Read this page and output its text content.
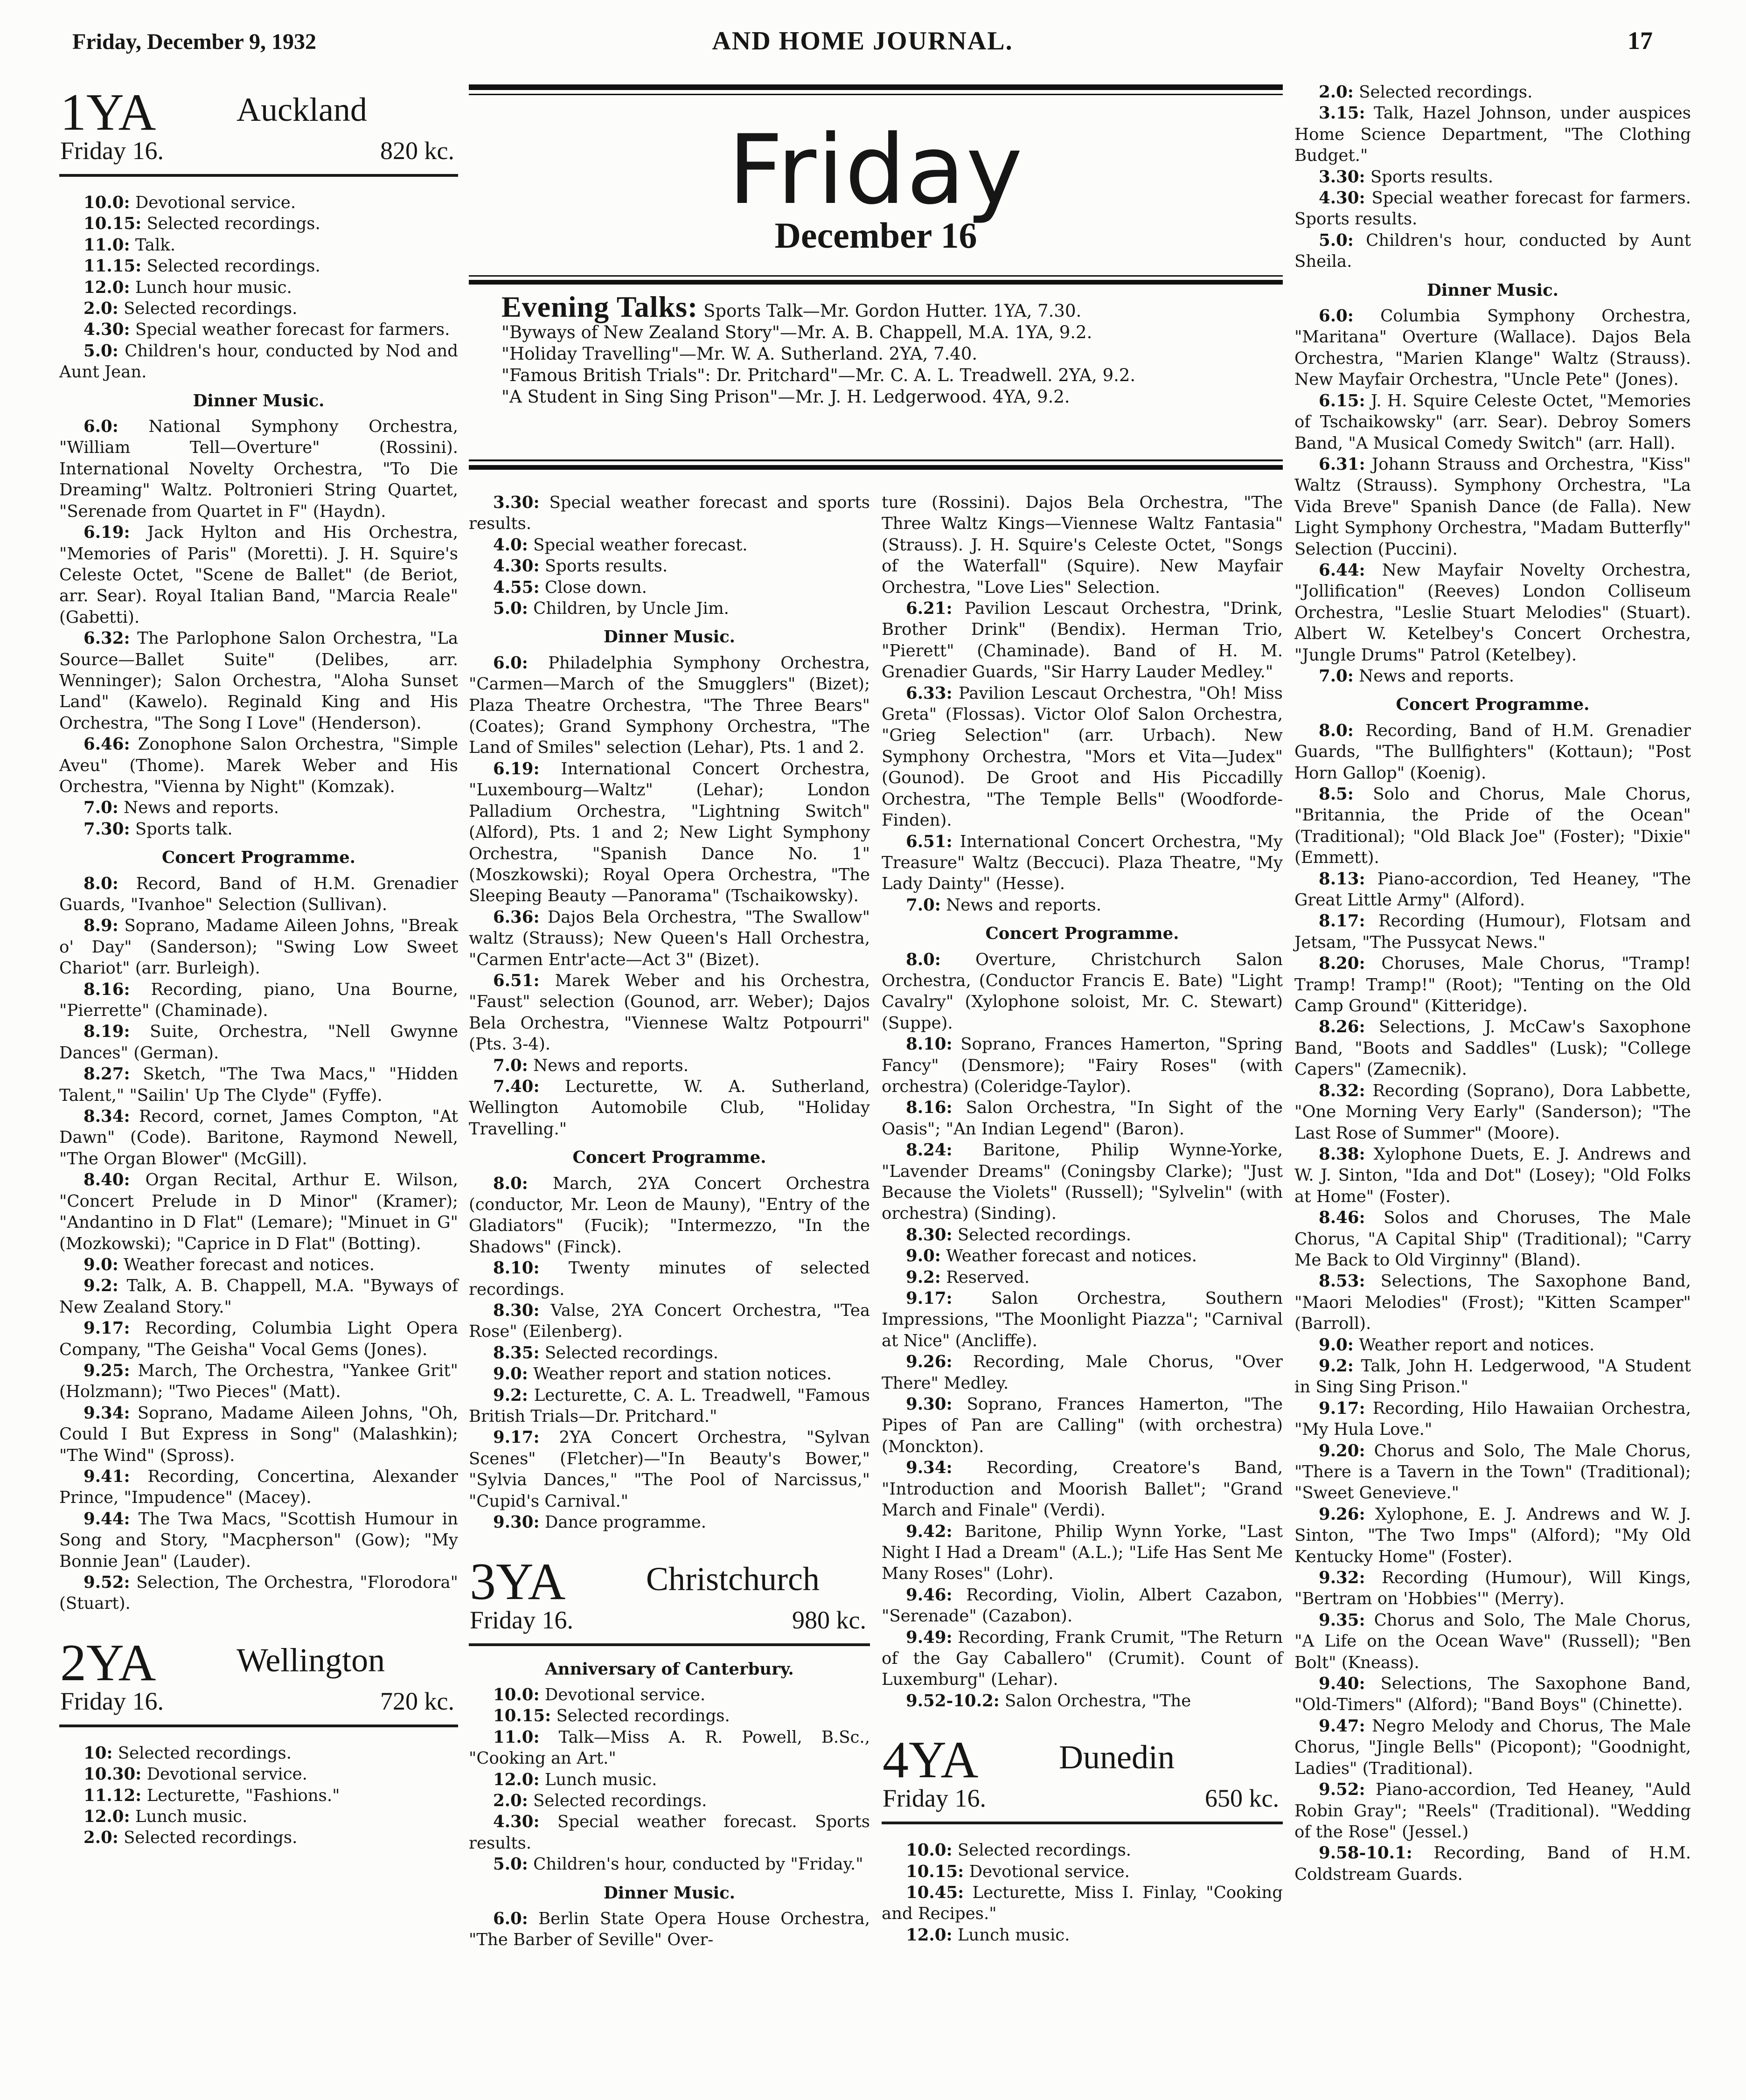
Friday, December 9, 1932	AND HOME JOURNAL.	17
1YA Auckland
Friday 16.	820 kc.

10.0: Devotional service.

10.15: Selected recordings.

11.0: Talk.

11.15: Selected recordings.

12.0: Lunch hour music.

2.0: Selected recordings.

4.30: Special weather forecast for farmers.

5.0: Children's hour, conducted by Nod and Aunt Jean.

Dinner Music.

6.0: National Symphony Orchestra, "William Tell—Overture" (Rossini). International Novelty Orchestra, "To Die Dreaming" Waltz. Poltronieri String Quartet, "Serenade from Quartet in F" (Haydn).

6.19: Jack Hylton and His Orchestra, "Memories of Paris" (Moretti). J. H. Squire's Celeste Octet, "Scene de Ballet" (de Beriot, arr. Sear). Royal Italian Band, "Marcia Reale" (Gabetti).

6.32: The Parlophone Salon Orchestra, "La Source—Ballet Suite" (Delibes, arr. Wenninger); Salon Orchestra, "Aloha Sunset Land" (Kawelo). Reginald King and His Orchestra, "The Song I Love" (Henderson).

6.46: Zonophone Salon Orchestra, "Simple Aveu" (Thome). Marek Weber and His Orchestra, "Vienna by Night" (Komzak).

7.0: News and reports.

7.30: Sports talk.

Concert Programme.

8.0: Record, Band of H.M. Grenadier Guards, "Ivanhoe" Selection (Sullivan).

8.9: Soprano, Madame Aileen Johns, "Break o' Day" (Sanderson); "Swing Low Sweet Chariot" (arr. Burleigh).

8.16: Recording, piano, Una Bourne, "Pierrette" (Chaminade).

8.19: Suite, Orchestra, "Nell Gwynne Dances" (German).

8.27: Sketch, "The Twa Macs," "Hidden Talent," "Sailin' Up The Clyde" (Fyffe).

8.34: Record, cornet, James Compton, "At Dawn" (Code). Baritone, Raymond Newell, "The Organ Blower" (McGill).

8.40: Organ Recital, Arthur E. Wilson, "Concert Prelude in D Minor" (Kramer); "Andantino in D Flat" (Lemare); "Minuet in G" (Mozkowski); "Caprice in D Flat" (Botting).

9.0: Weather forecast and notices.

9.2: Talk, A. B. Chappell, M.A. "Byways of New Zealand Story."

9.17: Recording, Columbia Light Opera Company, "The Geisha" Vocal Gems (Jones).

9.25: March, The Orchestra, "Yankee Grit" (Holzmann); "Two Pieces" (Matt).

9.34: Soprano, Madame Aileen Johns, "Oh, Could I But Express in Song" (Malashkin); "The Wind" (Spross).

9.41: Recording, Concertina, Alexander Prince, "Impudence" (Macey).

9.44: The Twa Macs, "Scottish Humour in Song and Story, "Macpherson" (Gow); "My Bonnie Jean" (Lauder).

9.52: Selection, The Orchestra, "Florodora" (Stuart).

2YA Wellington
Friday 16.	720 kc.

10: Selected recordings.

10.30: Devotional service.

11.12: Lecturette, "Fashions."

12.0: Lunch music.

2.0: Selected recordings.

Friday
December 16
Evening Talks: Sports Talk—Mr. Gordon Hutter. 1YA, 7.30.
"Byways of New Zealand Story"—Mr. A. B. Chappell, M.A. 1YA, 9.2.
"Holiday Travelling"—Mr. W. A. Sutherland. 2YA, 7.40.
"Famous British Trials": Dr. Pritchard"—Mr. C. A. L. Treadwell. 2YA, 9.2.
"A Student in Sing Sing Prison"—Mr. J. H. Ledgerwood. 4YA, 9.2.

3.30: Special weather forecast and sports results.

4.0: Special weather forecast.

4.30: Sports results.

4.55: Close down.

5.0: Children, by Uncle Jim.

Dinner Music.

6.0: Philadelphia Symphony Orchestra, "Carmen—March of the Smugglers" (Bizet); Plaza Theatre Orchestra, "The Three Bears" (Coates); Grand Symphony Orchestra, "The Land of Smiles" selection (Lehar), Pts. 1 and 2.

6.19: International Concert Orchestra, "Luxembourg—Waltz" (Lehar); London Palladium Orchestra, "Lightning Switch" (Alford), Pts. 1 and 2; New Light Symphony Orchestra, "Spanish Dance No. 1" (Moszkowski); Royal Opera Orchestra, "The Sleeping Beauty —Panorama" (Tschaikowsky).

6.36: Dajos Bela Orchestra, "The Swallow" waltz (Strauss); New Queen's Hall Orchestra, "Carmen Entr'acte—Act 3" (Bizet).

6.51: Marek Weber and his Orchestra, "Faust" selection (Gounod, arr. Weber); Dajos Bela Orchestra, "Viennese Waltz Potpourri" (Pts. 3-4).

7.0: News and reports.

7.40: Lecturette, W. A. Sutherland, Wellington Automobile Club, "Holiday Travelling."

Concert Programme.

8.0: March, 2YA Concert Orchestra (conductor, Mr. Leon de Mauny), "Entry of the Gladiators" (Fucik); "Intermezzo, "In the Shadows" (Finck).

8.10: Twenty minutes of selected recordings.

8.30: Valse, 2YA Concert Orchestra, "Tea Rose" (Eilenberg).

8.35: Selected recordings.

9.0: Weather report and station notices.

9.2: Lecturette, C. A. L. Treadwell, "Famous British Trials—Dr. Pritchard."

9.17: 2YA Concert Orchestra, "Sylvan Scenes" (Fletcher)—"In Beauty's Bower," "Sylvia Dances," "The Pool of Narcissus," "Cupid's Carnival."

9.30: Dance programme.

3YA Christchurch
Friday 16.	980 kc.
Anniversary of Canterbury.

10.0: Devotional service.

10.15: Selected recordings.

11.0: Talk—Miss A. R. Powell, B.Sc., "Cooking an Art."

12.0: Lunch music.

2.0: Selected recordings.

4.30: Special weather forecast. Sports results.

5.0: Children's hour, conducted by "Friday."

Dinner Music.

6.0: Berlin State Opera House Orchestra, "The Barber of Seville" Over-

ture (Rossini). Dajos Bela Orchestra, "The Three Waltz Kings—Viennese Waltz Fantasia" (Strauss). J. H. Squire's Celeste Octet, "Songs of the Waterfall" (Squire). New Mayfair Orchestra, "Love Lies" Selection.

6.21: Pavilion Lescaut Orchestra, "Drink, Brother Drink" (Bendix). Herman Trio, "Pierett" (Chaminade). Band of H. M. Grenadier Guards, "Sir Harry Lauder Medley."

6.33: Pavilion Lescaut Orchestra, "Oh! Miss Greta" (Flossas). Victor Olof Salon Orchestra, "Grieg Selection" (arr. Urbach). New Symphony Orchestra, "Mors et Vita—Judex" (Gounod). De Groot and His Piccadilly Orchestra, "The Temple Bells" (Woodforde-Finden).

6.51: International Concert Orchestra, "My Treasure" Waltz (Beccuci). Plaza Theatre, "My Lady Dainty" (Hesse).

7.0: News and reports.

Concert Programme.

8.0: Overture, Christchurch Salon Orchestra, (Conductor Francis E. Bate) "Light Cavalry" (Xylophone soloist, Mr. C. Stewart) (Suppe).

8.10: Soprano, Frances Hamerton, "Spring Fancy" (Densmore); "Fairy Roses" (with orchestra) (Coleridge-Taylor).

8.16: Salon Orchestra, "In Sight of the Oasis"; "An Indian Legend" (Baron).

8.24: Baritone, Philip Wynne-Yorke, "Lavender Dreams" (Coningsby Clarke); "Just Because the Violets" (Russell); "Sylvelin" (with orchestra) (Sinding).

8.30: Selected recordings.

9.0: Weather forecast and notices.

9.2: Reserved.

9.17: Salon Orchestra, Southern Impressions, "The Moonlight Piazza"; "Carnival at Nice" (Ancliffe).

9.26: Recording, Male Chorus, "Over There" Medley.

9.30: Soprano, Frances Hamerton, "The Pipes of Pan are Calling" (with orchestra) (Monckton).

9.34: Recording, Creatore's Band, "Introduction and Moorish Ballet"; "Grand March and Finale" (Verdi).

9.42: Baritone, Philip Wynn Yorke, "Last Night I Had a Dream" (A.L.); "Life Has Sent Me Many Roses" (Lohr).

9.46: Recording, Violin, Albert Cazabon, "Serenade" (Cazabon).

9.49: Recording, Frank Crumit, "The Return of the Gay Caballero" (Crumit). Count of Luxemburg" (Lehar).

9.52-10.2: Salon Orchestra, "The

4YA Dunedin
Friday 16.	650 kc.

10.0: Selected recordings.

10.15: Devotional service.

10.45: Lecturette, Miss I. Finlay, "Cooking and Recipes."

12.0: Lunch music.

2.0: Selected recordings.

3.15: Talk, Hazel Johnson, under auspices Home Science Department, "The Clothing Budget."

3.30: Sports results.

4.30: Special weather forecast for farmers. Sports results.

5.0: Children's hour, conducted by Aunt Sheila.

Dinner Music.

6.0: Columbia Symphony Orchestra, "Maritana" Overture (Wallace). Dajos Bela Orchestra, "Marien Klange" Waltz (Strauss). New Mayfair Orchestra, "Uncle Pete" (Jones).

6.15: J. H. Squire Celeste Octet, "Memories of Tschaikowsky" (arr. Sear). Debroy Somers Band, "A Musical Comedy Switch" (arr. Hall).

6.31: Johann Strauss and Orchestra, "Kiss" Waltz (Strauss). Symphony Orchestra, "La Vida Breve" Spanish Dance (de Falla). New Light Symphony Orchestra, "Madam Butterfly" Selection (Puccini).

6.44: New Mayfair Novelty Orchestra, "Jollification" (Reeves) London Colliseum Orchestra, "Leslie Stuart Melodies" (Stuart). Albert W. Ketelbey's Concert Orchestra, "Jungle Drums" Patrol (Ketelbey).

7.0: News and reports.

Concert Programme.

8.0: Recording, Band of H.M. Grenadier Guards, "The Bullfighters" (Kottaun); "Post Horn Gallop" (Koenig).

8.5: Solo and Chorus, Male Chorus, "Britannia, the Pride of the Ocean" (Traditional); "Old Black Joe" (Foster); "Dixie" (Emmett).

8.13: Piano-accordion, Ted Heaney, "The Great Little Army" (Alford).

8.17: Recording (Humour), Flotsam and Jetsam, "The Pussycat News."

8.20: Choruses, Male Chorus, "Tramp! Tramp! Tramp!" (Root); "Tenting on the Old Camp Ground" (Kitteridge).

8.26: Selections, J. McCaw's Saxophone Band, "Boots and Saddles" (Lusk); "College Capers" (Zamecnik).

8.32: Recording (Soprano), Dora Labbette, "One Morning Very Early" (Sanderson); "The Last Rose of Summer" (Moore).

8.38: Xylophone Duets, E. J. Andrews and W. J. Sinton, "Ida and Dot" (Losey); "Old Folks at Home" (Foster).

8.46: Solos and Choruses, The Male Chorus, "A Capital Ship" (Traditional); "Carry Me Back to Old Virginny" (Bland).

8.53: Selections, The Saxophone Band, "Maori Melodies" (Frost); "Kitten Scamper" (Barroll).

9.0: Weather report and notices.

9.2: Talk, John H. Ledgerwood, "A Student in Sing Sing Prison."

9.17: Recording, Hilo Hawaiian Orchestra, "My Hula Love."

9.20: Chorus and Solo, The Male Chorus, "There is a Tavern in the Town" (Traditional); "Sweet Genevieve."

9.26: Xylophone, E. J. Andrews and W. J. Sinton, "The Two Imps" (Alford); "My Old Kentucky Home" (Foster).

9.32: Recording (Humour), Will Kings, "Bertram on 'Hobbies'" (Merry).

9.35: Chorus and Solo, The Male Chorus, "A Life on the Ocean Wave" (Russell); "Ben Bolt" (Kneass).

9.40: Selections, The Saxophone Band, "Old-Timers" (Alford); "Band Boys" (Chinette).

9.47: Negro Melody and Chorus, The Male Chorus, "Jingle Bells" (Picopont); "Goodnight, Ladies" (Traditional).

9.52: Piano-accordion, Ted Heaney, "Auld Robin Gray"; "Reels" (Traditional). "Wedding of the Rose" (Jessel.)

9.58-10.1: Recording, Band of H.M. Coldstream Guards.
